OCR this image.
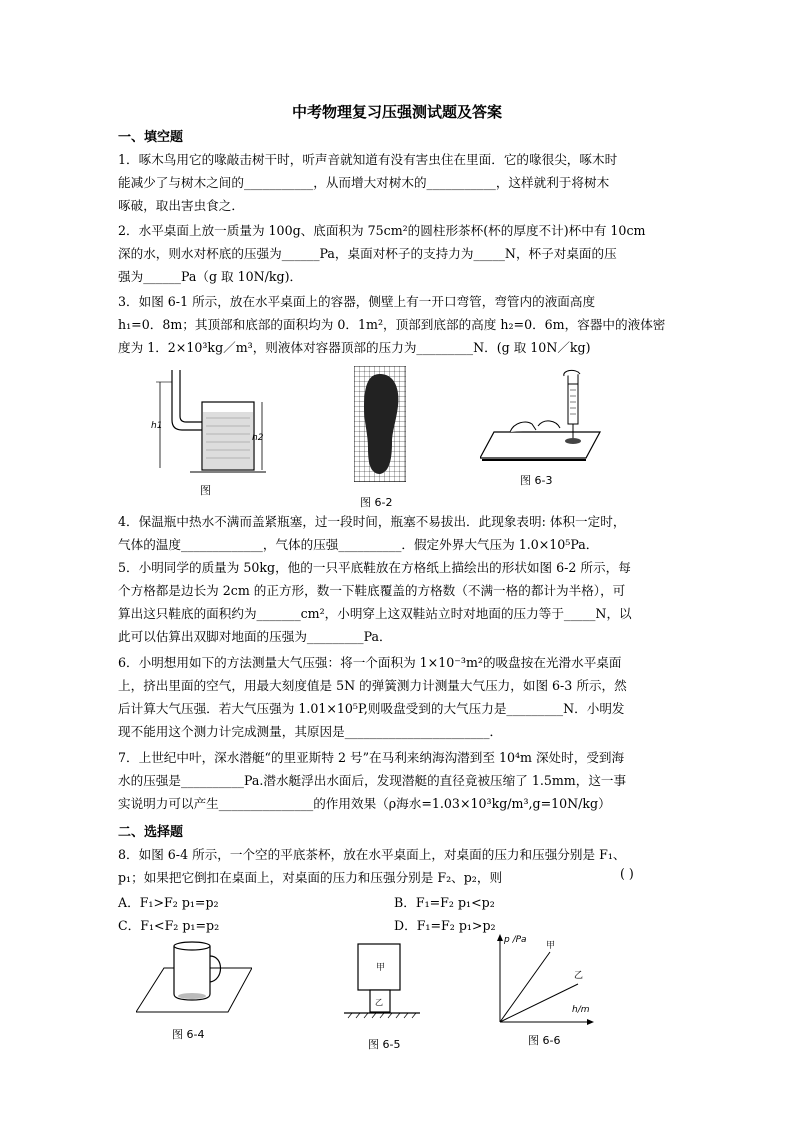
中考物理复习压强测试题及答案
一、填空题
1．啄木鸟用它的喙敲击树干时，听声音就知道有没有害虫住在里面．它的喙很尖，啄木时
能减少了与树木之间的___________，从而增大对树木的___________，这样就利于将树木
啄破，取出害虫食之．
2．水平桌面上放一质量为 100g、底面积为 75cm²的圆柱形茶杯(杯的厚度不计)杯中有 10cm
深的水，则水对杯底的压强为______Pa，桌面对杯子的支持力为_____N，杯子对桌面的压
强为______Pa（g 取 10N/kg)．
3．如图 6-1 所示，放在水平桌面上的容器，侧壁上有一开口弯管，弯管内的液面高度
h₁=0．8m；其顶部和底部的面积均为 0．1m²，顶部到底部的高度 h₂=0．6m，容器中的液体密
度为 1．2×10³kg／m³，则液体对容器顶部的压力为_________N．(g 取 10N／kg)
h1
h2
图
图 6-2
图 6-3
4．保温瓶中热水不满而盖紧瓶塞，过一段时间，瓶塞不易拔出．此现象表明: 体积一定时，
气体的温度_____________，气体的压强__________．假定外界大气压为 1.0×10⁵Pa．
5．小明同学的质量为 50kg，他的一只平底鞋放在方格纸上描绘出的形状如图 6-2 所示，每
个方格都是边长为 2cm 的正方形，数一下鞋底覆盖的方格数（不满一格的都计为半格），可
算出这只鞋底的面积约为_______cm²，小明穿上这双鞋站立时对地面的压力等于_____N，以
此可以估算出双脚对地面的压强为_________Pa．
6．小明想用如下的方法测量大气压强：将一个面积为 1×10⁻³m²的吸盘按在光滑水平桌面
上，挤出里面的空气，用最大刻度值是 5N 的弹簧测力计测量大气压力，如图 6-3 所示，然
后计算大气压强．若大气压强为 1.01×10⁵P,则吸盘受到的大气压力是_________N．小明发
现不能用这个测力计完成测量，其原因是_______________________．
7．上世纪中叶，深水潜艇“的里亚斯特 2 号”在马利来纳海沟潜到至 10⁴m 深处时，受到海
水的压强是__________Pa.潜水艇浮出水面后，发现潜艇的直径竟被压缩了 1.5mm，这一事
实说明力可以产生_______________的作用效果（ρ海水=1.03×10³kg/m³,g=10N/kg）
二、选择题
8．如图 6-4 所示，一个空的平底茶杯，放在水平桌面上，对桌面的压力和压强分别是 F₁、
p₁；如果把它倒扣在桌面上，对桌面的压力和压强分别是 F₂、p₂，则	( )
A．F₁>F₂ p₁=p₂	B．F₁=F₂ p₁<p₂
C．F₁<F₂ p₁=p₂	D．F₁=F₂ p₁>p₂
图 6-4
甲
乙
图 6-5
p /Pa
h/m
甲
乙
图 6-6
